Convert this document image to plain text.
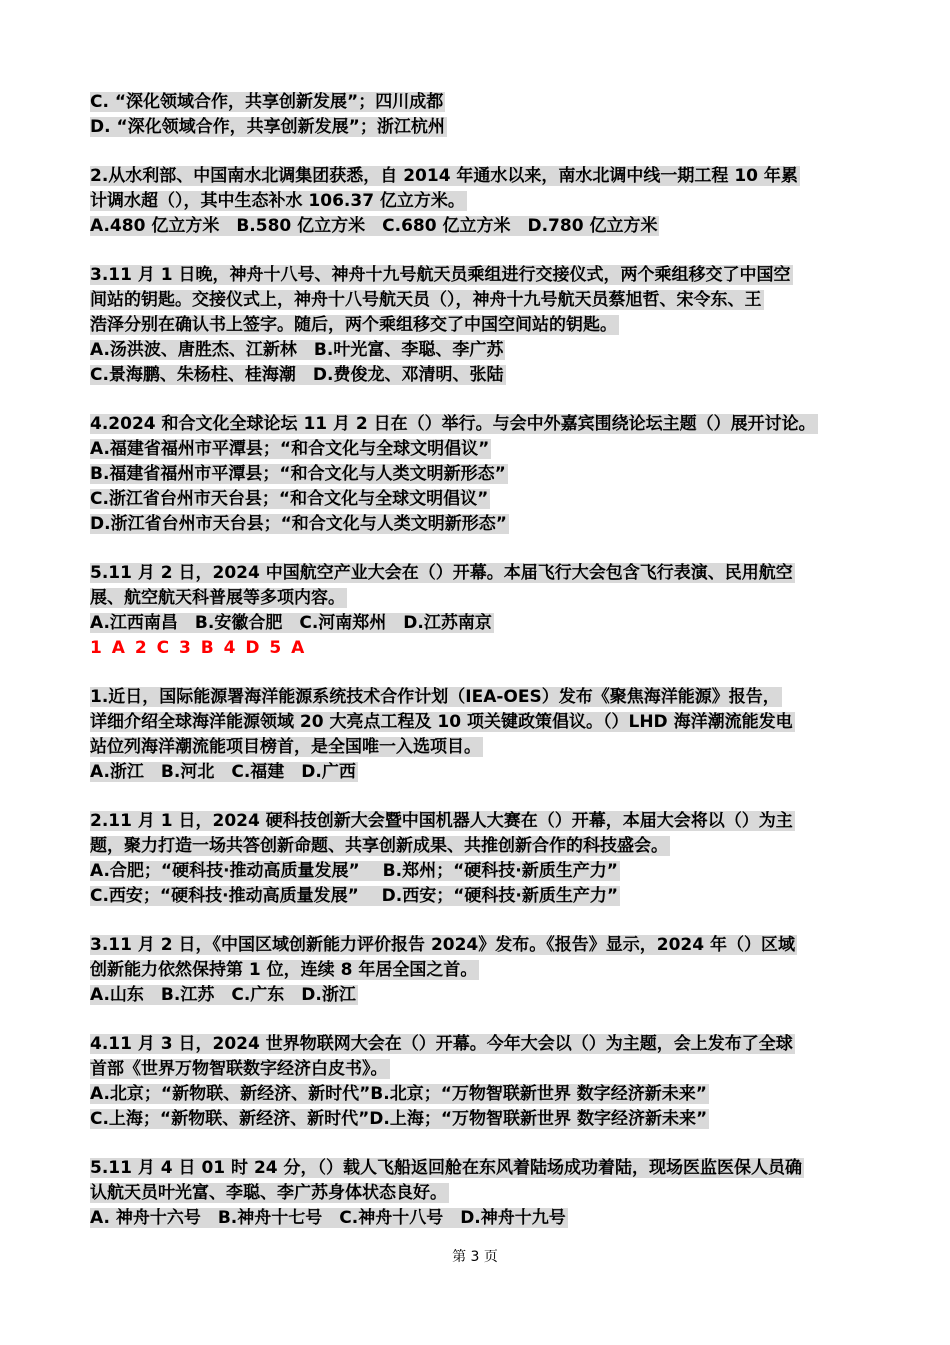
C. “深化领域合作，共享创新发展”；四川成都
D. “深化领域合作，共享创新发展”；浙江杭州
2.从水利部、中国南水北调集团获悉，自 2014 年通水以来，南水北调中线一期工程 10 年累
计调水超（），其中生态补水 106.37 亿立方米。
A.480 亿立方米　B.580 亿立方米　C.680 亿立方米　D.780 亿立方米
3.11 月 1 日晚，神舟十八号、神舟十九号航天员乘组进行交接仪式，两个乘组移交了中国空
间站的钥匙。交接仪式上，神舟十八号航天员（），神舟十九号航天员蔡旭哲、宋令东、王
浩泽分别在确认书上签字。随后，两个乘组移交了中国空间站的钥匙。
A.汤洪波、唐胜杰、江新林　B.叶光富、李聪、李广苏
C.景海鹏、朱杨柱、桂海潮　D.费俊龙、邓清明、张陆
4.2024 和合文化全球论坛 11 月 2 日在（）举行。与会中外嘉宾围绕论坛主题（）展开讨论。
A.福建省福州市平潭县；“和合文化与全球文明倡议”
B.福建省福州市平潭县；“和合文化与人类文明新形态”
C.浙江省台州市天台县；“和合文化与全球文明倡议”
D.浙江省台州市天台县；“和合文化与人类文明新形态”
5.11 月 2 日，2024 中国航空产业大会在（）开幕。本届飞行大会包含飞行表演、民用航空
展、航空航天科普展等多项内容。
A.江西南昌　B.安徽合肥　C.河南郑州　D.江苏南京
1 A 2 C 3 B 4 D 5 A
1.近日，国际能源署海洋能源系统技术合作计划（IEA-OES）发布《聚焦海洋能源》报告，
详细介绍全球海洋能源领域 20 大亮点工程及 10 项关键政策倡议。（）LHD 海洋潮流能发电
站位列海洋潮流能项目榜首，是全国唯一入选项目。
A.浙江　B.河北　C.福建　D.广西
2.11 月 1 日，2024 硬科技创新大会暨中国机器人大赛在（）开幕，本届大会将以（）为主
题，聚力打造一场共答创新命题、共享创新成果、共推创新合作的科技盛会。
A.合肥；“硬科技·推动高质量发展”　 B.郑州；“硬科技·新质生产力”
C.西安；“硬科技·推动高质量发展”　 D.西安；“硬科技·新质生产力”
3.11 月 2 日，《中国区域创新能力评价报告 2024》发布。《报告》显示，2024 年（）区域
创新能力依然保持第 1 位，连续 8 年居全国之首。
A.山东　B.江苏　C.广东　D.浙江
4.11 月 3 日，2024 世界物联网大会在（）开幕。今年大会以（）为主题，会上发布了全球
首部《世界万物智联数字经济白皮书》。
A.北京；“新物联、新经济、新时代”B.北京；“万物智联新世界 数字经济新未来”
C.上海；“新物联、新经济、新时代”D.上海；“万物智联新世界 数字经济新未来”
5.11 月 4 日 01 时 24 分，（）载人飞船返回舱在东风着陆场成功着陆，现场医监医保人员确
认航天员叶光富、李聪、李广苏身体状态良好。
A. 神舟十六号　B.神舟十七号　C.神舟十八号　D.神舟十九号
第 3 页
